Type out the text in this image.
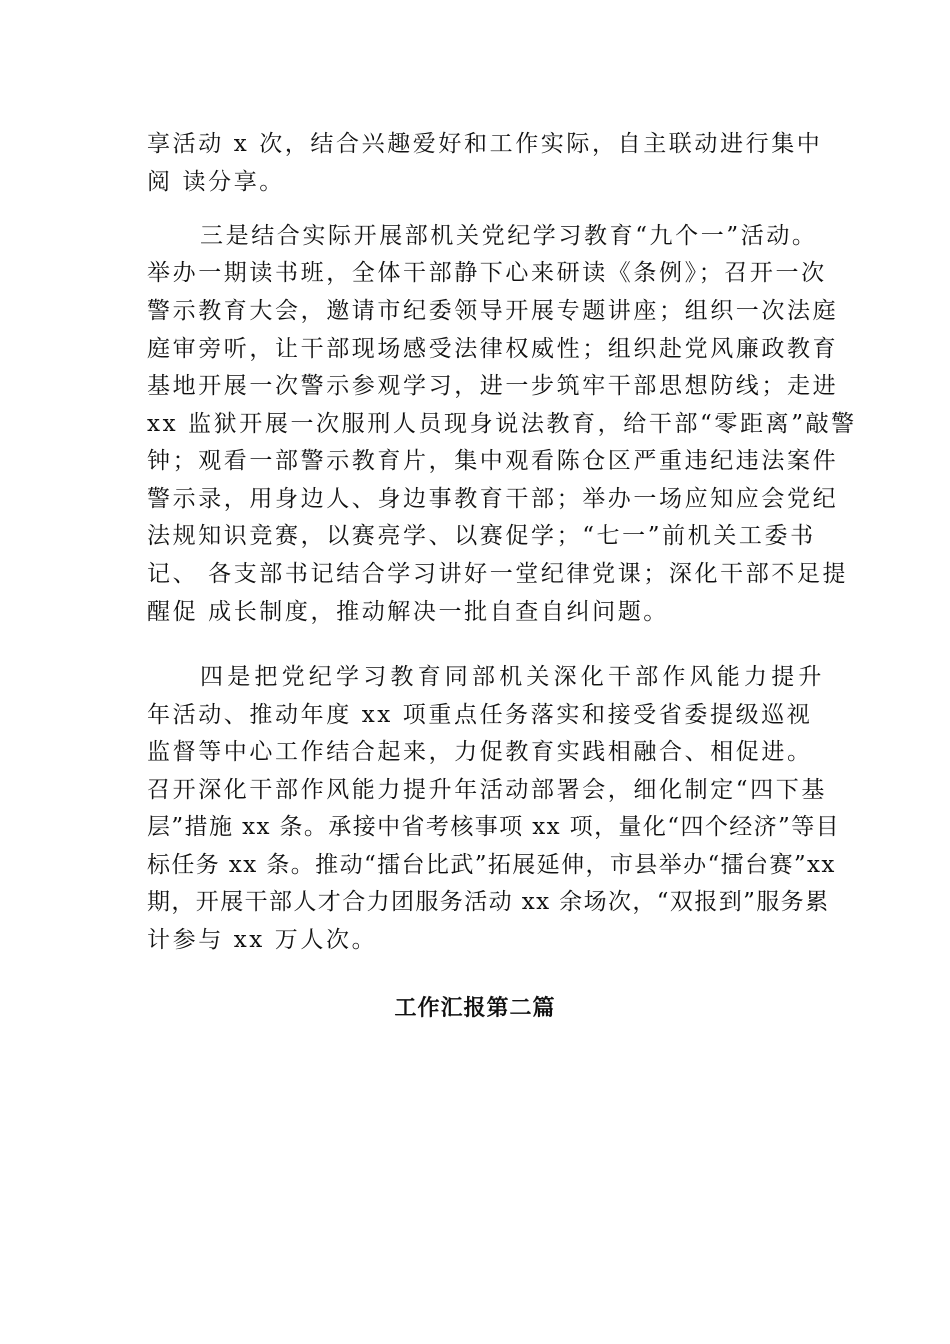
享活动 x 次，结合兴趣爱好和工作实际，自主联动进行集中
阅 读分享。
三是结合实际开展部机关党纪学习教育“九个一”活动。
举办一期读书班，全体干部静下心来研读《条例》；召开一次
警示教育大会，邀请市纪委领导开展专题讲座；组织一次法庭
庭审旁听，让干部现场感受法律权威性；组织赴党风廉政教育
基地开展一次警示参观学习，进一步筑牢干部思想防线；走进
xx 监狱开展一次服刑人员现身说法教育，给干部“零距离”敲警
钟；观看一部警示教育片，集中观看陈仓区严重违纪违法案件
警示录，用身边人、身边事教育干部；举办一场应知应会党纪
法规知识竞赛，以赛亮学、以赛促学；“七一”前机关工委书
记、 各支部书记结合学习讲好一堂纪律党课；深化干部不足提
醒促 成长制度，推动解决一批自查自纠问题。
四是把党纪学习教育同部机关深化干部作风能力提升
年活动、推动年度 xx 项重点任务落实和接受省委提级巡视
监督等中心工作结合起来，力促教育实践相融合、相促进。
召开深化干部作风能力提升年活动部署会，细化制定“四下基
层”措施 xx 条。承接中省考核事项 xx 项，量化“四个经济”等目
标任务 xx 条。推动“擂台比武”拓展延伸，市县举办“擂台赛”xx
期，开展干部人才合力团服务活动 xx 余场次，“双报到”服务累
计参与 xx 万人次。
工作汇报第二篇
